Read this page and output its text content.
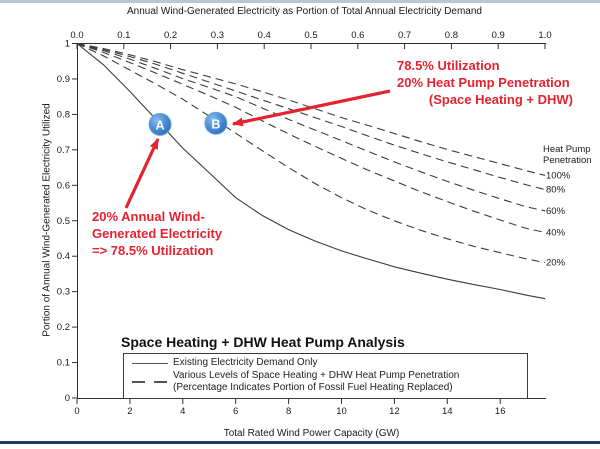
Annual Wind-Generated Electricity as Portion of Total Annual Electricity Demand
Portion of Annual Wind-Generated Electricity Utilized
0.0	0.1	0.2	0.3	0.4	0.5	0.6	0.7	0.8	0.9	1.0
1
0.9
0.8
0.7
0.6
0.5
0.4
0.3
0.2
0.1
0
0	2	4	6	8	10	12	14	16
20%
40%
60%
80%
100%
A	B
Total Rated Wind Power Capacity (GW)
20% Annual Wind-
Generated Electricity
=> 78.5% Utilization
78.5% Utilization
20% Heat Pump Penetration
(Space Heating + DHW)
Heat Pump
Penetration
Space Heating + DHW Heat Pump Analysis
Existing Electricity Demand Only
Various Levels of Space Heating + DHW Heat Pump Penetration
(Percentage Indicates Portion of Fossil Fuel Heating Replaced)
